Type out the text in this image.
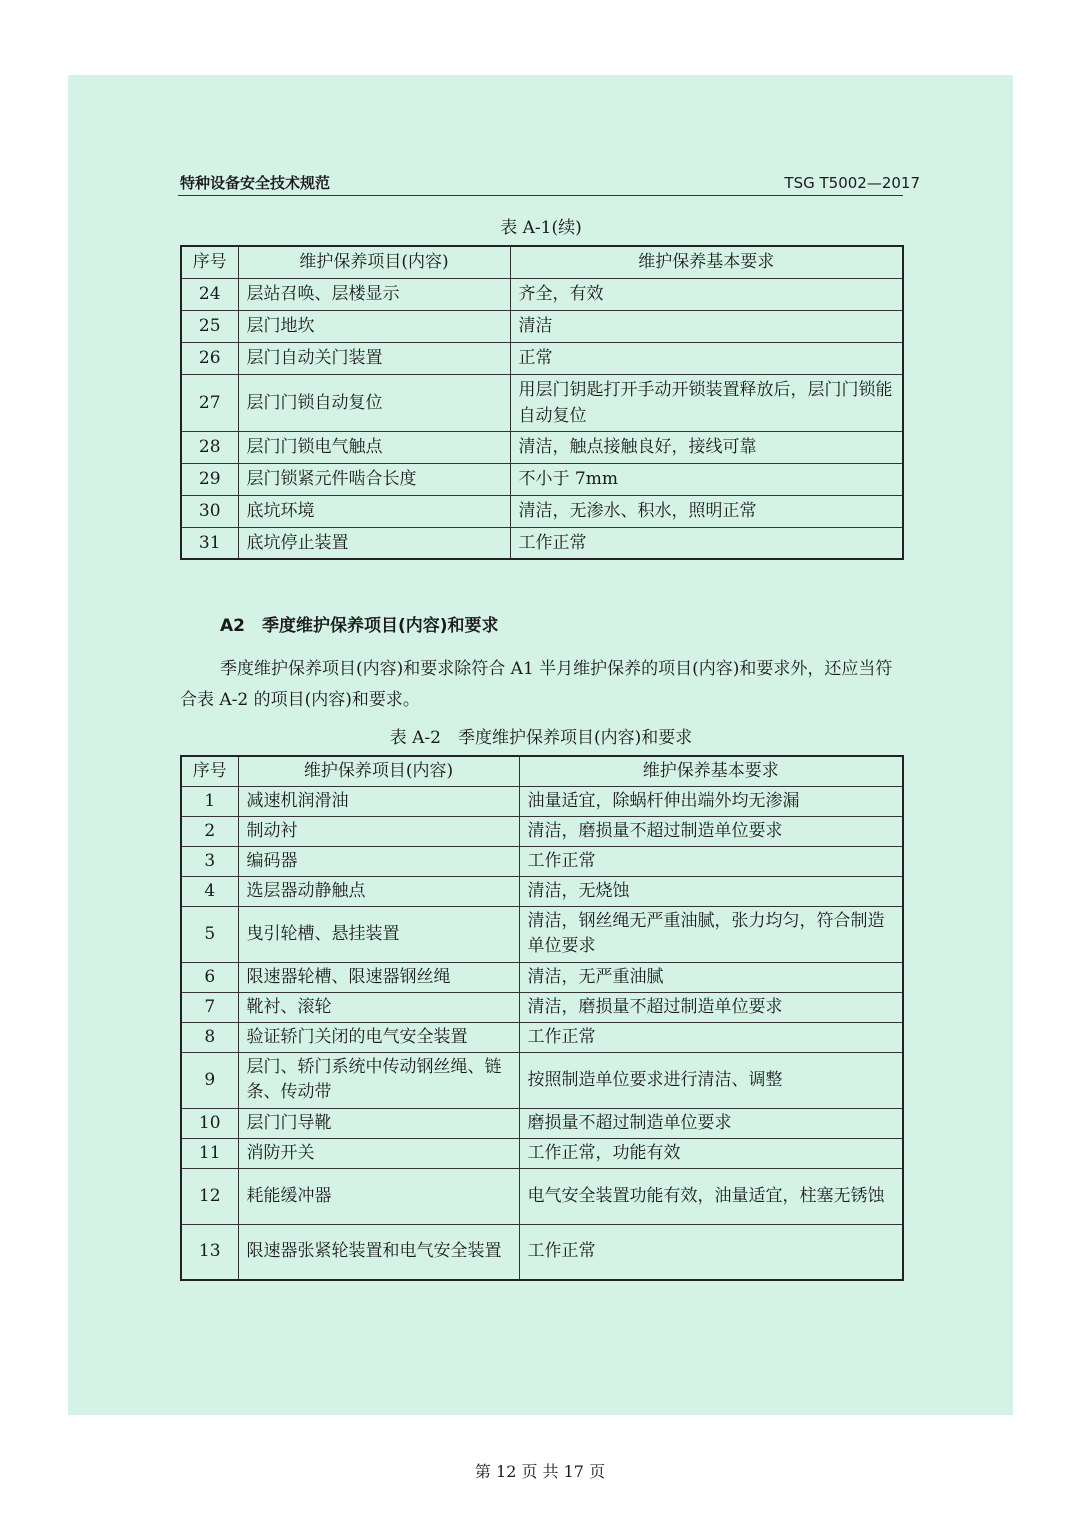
特种设备安全技术规范	TSG T5002—2017
表 A-1(续)
序号	维护保养项目(内容)	维护保养基本要求
24	层站召唤、层楼显示	齐全，有效
25	层门地坎	清洁
26	层门自动关门装置	正常
27	层门门锁自动复位	用层门钥匙打开手动开锁装置释放后，层门门锁能自动复位
28	层门门锁电气触点	清洁，触点接触良好，接线可靠
29	层门锁紧元件啮合长度	不小于 7mm
30	底坑环境	清洁，无渗水、积水，照明正常
31	底坑停止装置	工作正常
A2　季度维护保养项目(内容)和要求
季度维护保养项目(内容)和要求除符合 A1 半月维护保养的项目(内容)和要求外，还应当符合表 A-2 的项目(内容)和要求。
表 A-2　季度维护保养项目(内容)和要求
序号	维护保养项目(内容)	维护保养基本要求
1	减速机润滑油	油量适宜，除蜗杆伸出端外均无渗漏
2	制动衬	清洁，磨损量不超过制造单位要求
3	编码器	工作正常
4	选层器动静触点	清洁，无烧蚀
5	曳引轮槽、悬挂装置	清洁，钢丝绳无严重油腻，张力均匀，符合制造单位要求
6	限速器轮槽、限速器钢丝绳	清洁，无严重油腻
7	靴衬、滚轮	清洁，磨损量不超过制造单位要求
8	验证轿门关闭的电气安全装置	工作正常
9	层门、轿门系统中传动钢丝绳、链条、传动带	按照制造单位要求进行清洁、调整
10	层门门导靴	磨损量不超过制造单位要求
11	消防开关	工作正常，功能有效
12	耗能缓冲器	电气安全装置功能有效，油量适宜，柱塞无锈蚀
13	限速器张紧轮装置和电气安全装置	工作正常
第 12 页 共 17 页
